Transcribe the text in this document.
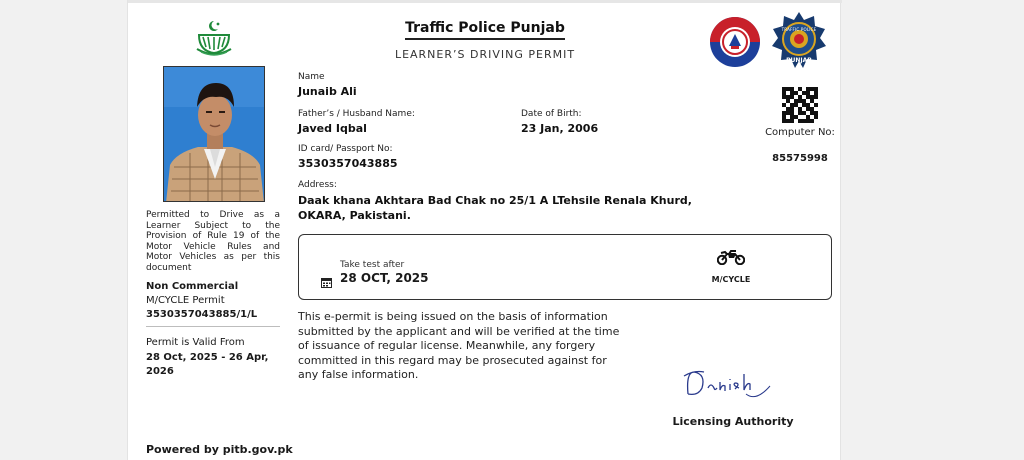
Traffic Police Punjab
LEARNER’S DRIVING PERMIT
TRAFFIC POLICE
PUNJAB
Permitted to Drive as a Learner Subject to the Provision of Rule 19 of the Motor Vehicle Rules and Motor Vehicles as per this document
Non Commercial
M/CYCLE Permit
3530357043885/1/L
Permit is Valid From
28 Oct, 2025 - 26 Apr, 2026
Powered by pitb.gov.pk
Name
Junaib Ali
Father’s / Husband Name:
Javed Iqbal
Date of Birth:
23 Jan, 2006
ID card/ Passport No:
3530357043885
Address:
Daak khana Akhtara Bad Chak no 25/1 A LTehsile Renala Khurd, OKARA, Pakistani.
Computer No:
85575998
Take test after
28 OCT, 2025	M/CYCLE
This e-permit is being issued on the basis of information submitted by the applicant and will be verified at the time of issuance of regular license. Meanwhile, any forgery committed in this regard may be prosecuted against for any false information.
Licensing Authority
